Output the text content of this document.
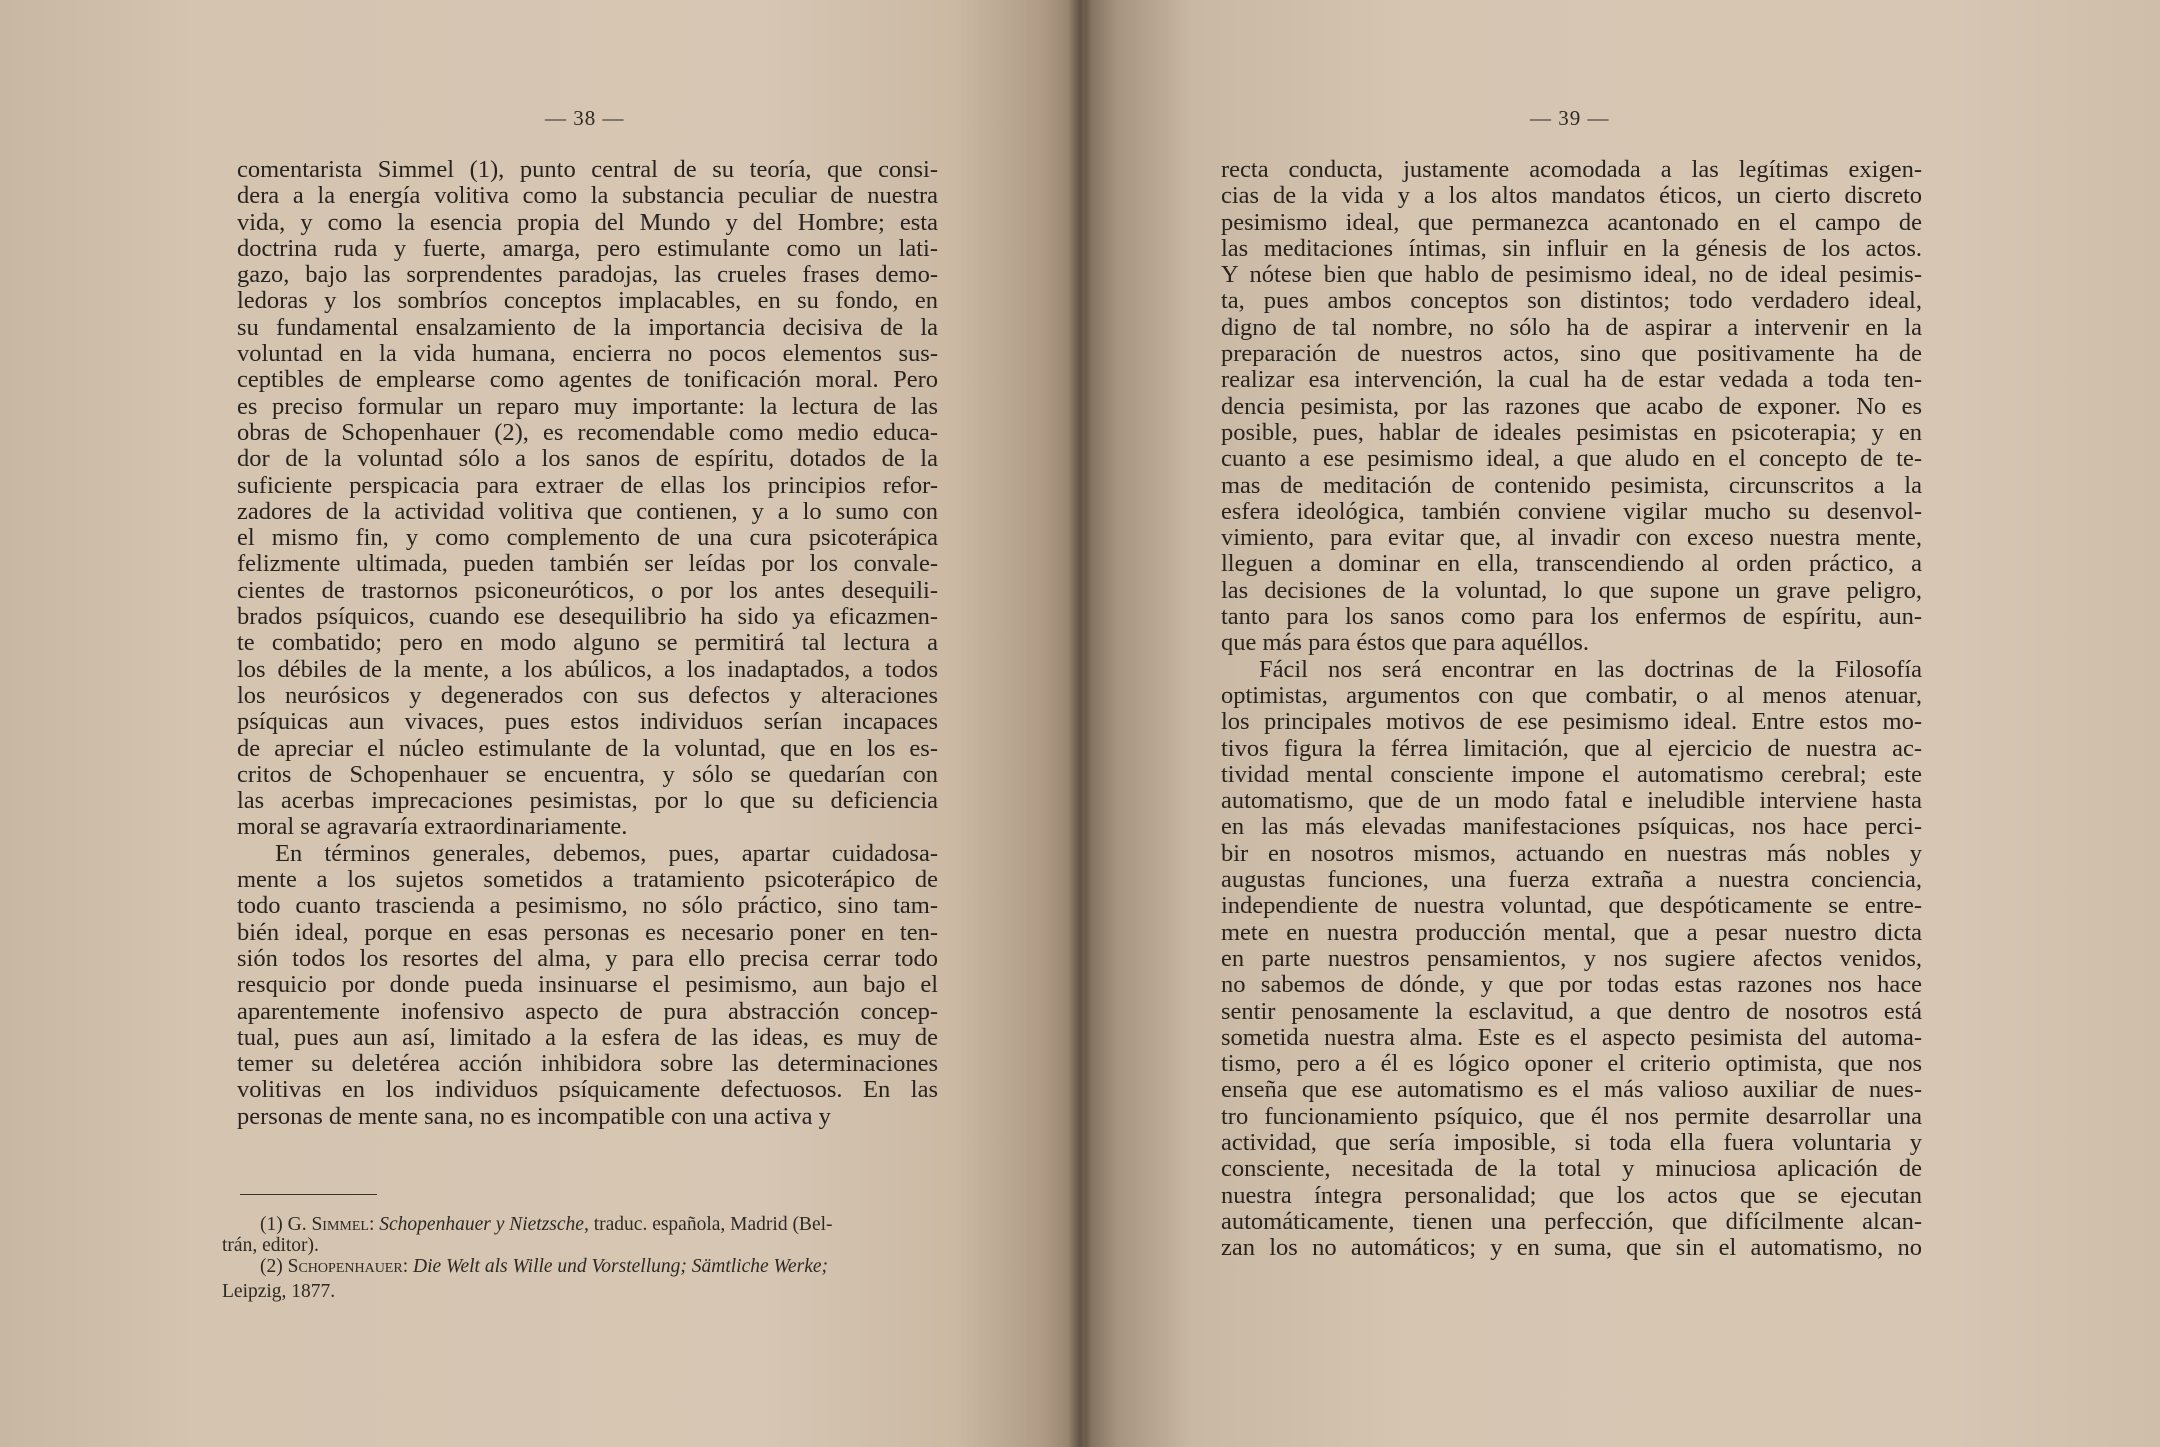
— 38 —
comentarista Simmel (1), punto central de su teoría, que consi-
dera a la energía volitiva como la substancia peculiar de nuestra
vida, y como la esencia propia del Mundo y del Hombre; esta
doctrina ruda y fuerte, amarga, pero estimulante como un lati-
gazo, bajo las sorprendentes paradojas, las crueles frases demo-
ledoras y los sombríos conceptos implacables, en su fondo, en
su fundamental ensalzamiento de la importancia decisiva de la
voluntad en la vida humana, encierra no pocos elementos sus-
ceptibles de emplearse como agentes de tonificación moral. Pero
es preciso formular un reparo muy importante: la lectura de las
obras de Schopenhauer (2), es recomendable como medio educa-
dor de la voluntad sólo a los sanos de espíritu, dotados de la
suficiente perspicacia para extraer de ellas los principios refor-
zadores de la actividad volitiva que contienen, y a lo sumo con
el mismo fin, y como complemento de una cura psicoterápica
felizmente ultimada, pueden también ser leídas por los convale-
cientes de trastornos psiconeuróticos, o por los antes desequili-
brados psíquicos, cuando ese desequilibrio ha sido ya eficazmen-
te combatido; pero en modo alguno se permitirá tal lectura a
los débiles de la mente, a los abúlicos, a los inadaptados, a todos
los neurósicos y degenerados con sus defectos y alteraciones
psíquicas aun vivaces, pues estos individuos serían incapaces
de apreciar el núcleo estimulante de la voluntad, que en los es-
critos de Schopenhauer se encuentra, y sólo se quedarían con
las acerbas imprecaciones pesimistas, por lo que su deficiencia
moral se agravaría extraordinariamente.
En términos generales, debemos, pues, apartar cuidadosa-
mente a los sujetos sometidos a tratamiento psicoterápico de
todo cuanto trascienda a pesimismo, no sólo práctico, sino tam-
bién ideal, porque en esas personas es necesario poner en ten-
sión todos los resortes del alma, y para ello precisa cerrar todo
resquicio por donde pueda insinuarse el pesimismo, aun bajo el
aparentemente inofensivo aspecto de pura abstracción concep-
tual, pues aun así, limitado a la esfera de las ideas, es muy de
temer su deletérea acción inhibidora sobre las determinaciones
volitivas en los individuos psíquicamente defectuosos. En las
personas de mente sana, no es incompatible con una activa y
(1) G. Simmel: Schopenhauer y Nietzsche, traduc. española, Madrid (Bel-
trán, editor).
(2) Schopenhauer: Die Welt als Wille und Vorstellung; Sämtliche Werke;
Leipzig, 1877.
— 39 —
recta conducta, justamente acomodada a las legítimas exigen-
cias de la vida y a los altos mandatos éticos, un cierto discreto
pesimismo ideal, que permanezca acantonado en el campo de
las meditaciones íntimas, sin influir en la génesis de los actos.
Y nótese bien que hablo de pesimismo ideal, no de ideal pesimis-
ta, pues ambos conceptos son distintos; todo verdadero ideal,
digno de tal nombre, no sólo ha de aspirar a intervenir en la
preparación de nuestros actos, sino que positivamente ha de
realizar esa intervención, la cual ha de estar vedada a toda ten-
dencia pesimista, por las razones que acabo de exponer. No es
posible, pues, hablar de ideales pesimistas en psicoterapia; y en
cuanto a ese pesimismo ideal, a que aludo en el concepto de te-
mas de meditación de contenido pesimista, circunscritos a la
esfera ideológica, también conviene vigilar mucho su desenvol-
vimiento, para evitar que, al invadir con exceso nuestra mente,
lleguen a dominar en ella, transcendiendo al orden práctico, a
las decisiones de la voluntad, lo que supone un grave peligro,
tanto para los sanos como para los enfermos de espíritu, aun-
que más para éstos que para aquéllos.
Fácil nos será encontrar en las doctrinas de la Filosofía
optimistas, argumentos con que combatir, o al menos atenuar,
los principales motivos de ese pesimismo ideal. Entre estos mo-
tivos figura la férrea limitación, que al ejercicio de nuestra ac-
tividad mental consciente impone el automatismo cerebral; este
automatismo, que de un modo fatal e ineludible interviene hasta
en las más elevadas manifestaciones psíquicas, nos hace perci-
bir en nosotros mismos, actuando en nuestras más nobles y
augustas funciones, una fuerza extraña a nuestra conciencia,
independiente de nuestra voluntad, que despóticamente se entre-
mete en nuestra producción mental, que a pesar nuestro dicta
en parte nuestros pensamientos, y nos sugiere afectos venidos,
no sabemos de dónde, y que por todas estas razones nos hace
sentir penosamente la esclavitud, a que dentro de nosotros está
sometida nuestra alma. Este es el aspecto pesimista del automa-
tismo, pero a él es lógico oponer el criterio optimista, que nos
enseña que ese automatismo es el más valioso auxiliar de nues-
tro funcionamiento psíquico, que él nos permite desarrollar una
actividad, que sería imposible, si toda ella fuera voluntaria y
consciente, necesitada de la total y minuciosa aplicación de
nuestra íntegra personalidad; que los actos que se ejecutan
automáticamente, tienen una perfección, que difícilmente alcan-
zan los no automáticos; y en suma, que sin el automatismo, no
